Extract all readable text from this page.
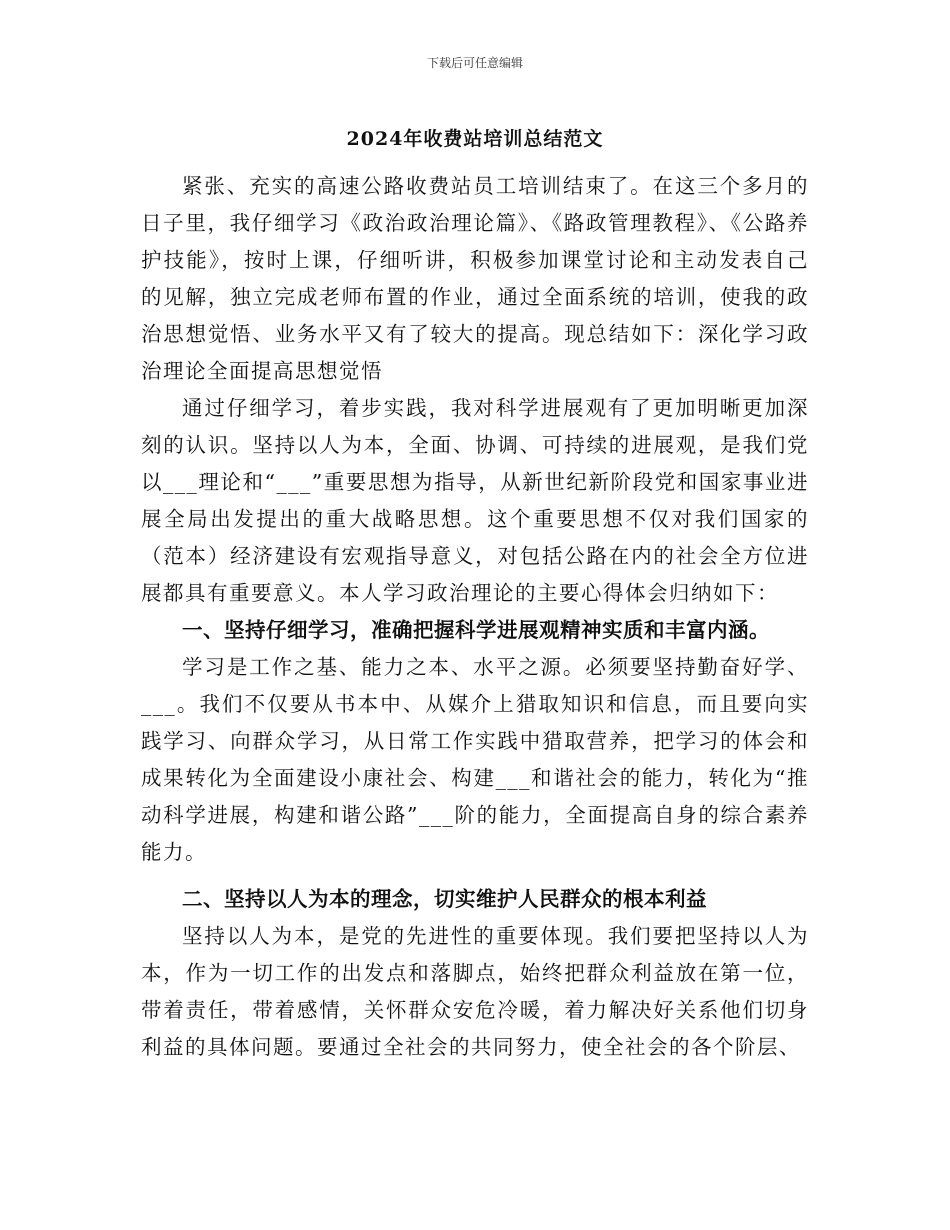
下载后可任意编辑
2024年收费站培训总结范文

紧张、充实的高速公路收费站员工培训结束了。在这三个多月的日子里，我仔细学习《政治政治理论篇》、《路政管理教程》、《公路养护技能》，按时上课，仔细听讲，积极参加课堂讨论和主动发表自己的见解，独立完成老师布置的作业，通过全面系统的培训，使我的政治思想觉悟、业务水平又有了较大的提高。现总结如下：深化学习政治理论全面提高思想觉悟

通过仔细学习，着步实践，我对科学进展观有了更加明晰更加深刻的认识。坚持以人为本，全面、协调、可持续的进展观，是我们党以___理论和“___”重要思想为指导，从新世纪新阶段党和国家事业进展全局出发提出的重大战略思想。这个重要思想不仅对我们国家的（范本）经济建设有宏观指导意义，对包括公路在内的社会全方位进展都具有重要意义。本人学习政治理论的主要心得体会归纳如下：

一、坚持仔细学习，准确把握科学进展观精神实质和丰富内涵。

学习是工作之基、能力之本、水平之源。必须要坚持勤奋好学、___。我们不仅要从书本中、从媒介上猎取知识和信息，而且要向实践学习、向群众学习，从日常工作实践中猎取营养，把学习的体会和成果转化为全面建设小康社会、构建___和谐社会的能力，转化为“推动科学进展，构建和谐公路”___阶的能力，全面提高自身的综合素养能力。

二、坚持以人为本的理念，切实维护人民群众的根本利益

坚持以人为本，是党的先进性的重要体现。我们要把坚持以人为本，作为一切工作的出发点和落脚点，始终把群众利益放在第一位，带着责任，带着感情，关怀群众安危冷暖，着力解决好关系他们切身利益的具体问题。要通过全社会的共同努力，使全社会的各个阶层、
